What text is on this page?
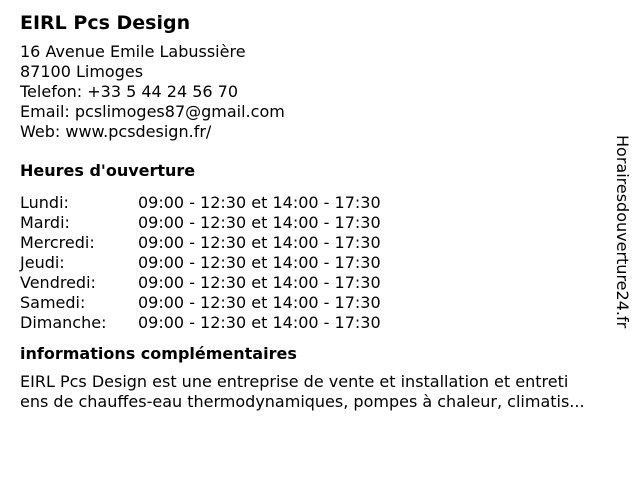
EIRL Pcs Design
16 Avenue Emile Labussière
87100 Limoges
Telefon: +33 5 44 24 56 70
Email: pcslimoges87@gmail.com
Web: www.pcsdesign.fr/
Heures d'ouverture
Lundi:	09:00 - 12:30 et 14:00 - 17:30
Mardi:	09:00 - 12:30 et 14:00 - 17:30
Mercredi:	09:00 - 12:30 et 14:00 - 17:30
Jeudi:	09:00 - 12:30 et 14:00 - 17:30
Vendredi:	09:00 - 12:30 et 14:00 - 17:30
Samedi:	09:00 - 12:30 et 14:00 - 17:30
Dimanche:	09:00 - 12:30 et 14:00 - 17:30
informations complémentaires
EIRL Pcs Design est une entreprise de vente et installation et entreti
ens de chauffes-eau thermodynamiques, pompes à chaleur, climatis...
Horairesdouverture24.fr
